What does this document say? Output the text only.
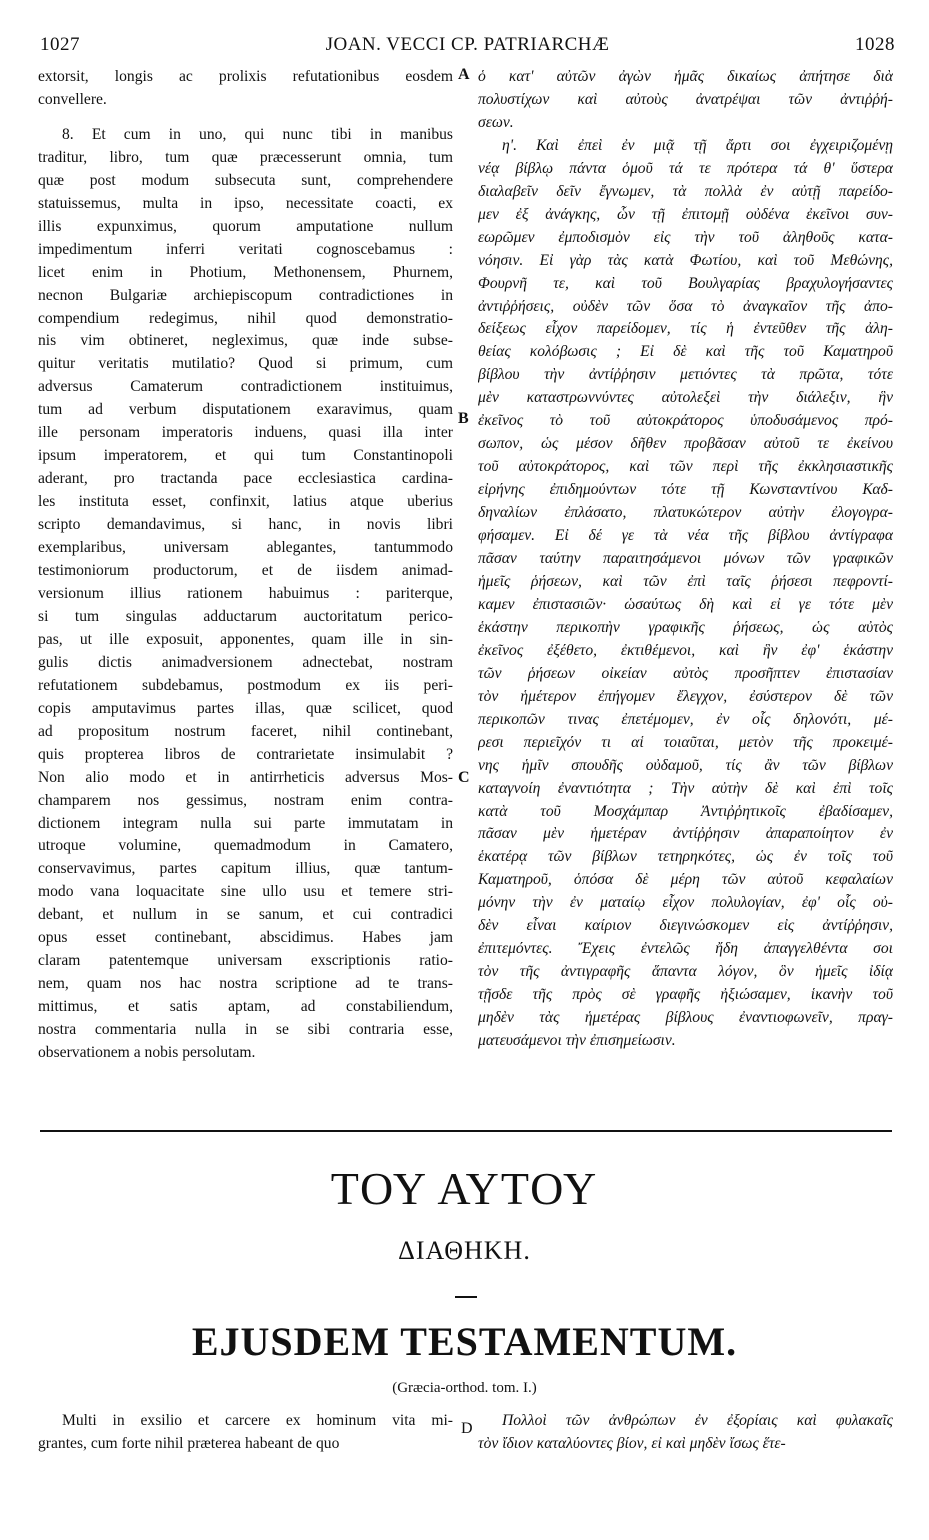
1027	JOAN. VECCI CP. PATRIARCHÆ	1028
extorsit, longis ac prolixis refutationibus eosdem
convellere.
8. Et cum in uno, qui nunc tibi in manibus
traditur, libro, tum quæ præcesserunt omnia, tum
quæ post modum subsecuta sunt, comprehendere
statuissemus, multa in ipso, necessitate coacti, ex
illis expunximus, quorum amputatione nullum
impedimentum inferri veritati cognoscebamus :
licet enim in Photium, Methonensem, Phurnem,
necnon Bulgariæ archiepiscopum contradictiones in
compendium redegimus, nihil quod demonstratio-
nis vim obtineret, negleximus, quæ inde subse-
quitur veritatis mutilatio? Quod si primum, cum
adversus Camaterum contradictionem instituimus,
tum ad verbum disputationem exaravimus, quam
ille personam imperatoris induens, quasi illa inter
ipsum imperatorem, et qui tum Constantinopoli
aderant, pro tractanda pace ecclesiastica cardina-
les instituta esset, confinxit, latius atque uberius
scripto demandavimus, si hanc, in novis libri
exemplaribus, universam ablegantes, tantummodo
testimoniorum productorum, et de iisdem animad-
versionum illius rationem habuimus : pariterque,
si tum singulas adductarum auctoritatum perico-
pas, ut ille exposuit, apponentes, quam ille in sin-
gulis dictis animadversionem adnectebat, nostram
refutationem subdebamus, postmodum ex iis peri-
copis amputavimus partes illas, quæ scilicet, quod
ad propositum nostrum faceret, nihil continebant,
quis propterea libros de contrarietate insimulabit ?
Non alio modo et in antirrheticis adversus Mos-
champarem nos gessimus, nostram enim contra-
dictionem integram nulla sui parte immutatam in
utroque volumine, quemadmodum in Camatero,
conservavimus, partes capitum illius, quæ tantum-
modo vana loquacitate sine ullo usu et temere stri-
debant, et nullum in se sanum, et cui contradici
opus esset continebant, abscidimus. Habes jam
claram patentemque universam exscriptionis ratio-
nem, quam nos hac nostra scriptione ad te trans-
mittimus, et satis aptam, ad constabiliendum,
nostra commentaria nulla in se sibi contraria esse,
observationem a nobis persolutam.
ὁ κατ' αὐτῶν ἀγὼν ἡμᾶς δικαίως ἀπήτησε διὰ
πολυστίχων καὶ αὐτοὺς ἀνατρέψαι τῶν ἀντιῤῥή-
σεων.
η'. Καὶ ἐπεὶ ἐν μιᾷ τῇ ἄρτι σοι ἐγχειριζομένῃ
νέᾳ βίβλῳ πάντα ὁμοῦ τά τε πρότερα τά θ' ὕστερα
διαλαβεῖν δεῖν ἔγνωμεν, τὰ πολλὰ ἐν αὐτῇ παρείδο-
μεν ἐξ ἀνάγκης, ὧν τῇ ἐπιτομῇ οὐδένα ἐκεῖνοι συν-
εωρῶμεν ἐμποδισμὸν εἰς τὴν τοῦ ἀληθοῦς κατα-
νόησιν. Εἰ γὰρ τὰς κατὰ Φωτίου, καὶ τοῦ Μεθώνης,
Φουρνῆ τε, καὶ τοῦ Βουλγαρίας βραχυλογήσαντες
ἀντιῤῥήσεις, οὐδὲν τῶν ὅσα τὸ ἀναγκαῖον τῆς ἀπο-
δείξεως εἶχον παρείδομεν, τίς ἡ ἐντεῦθεν τῆς ἀλη-
θείας κολόβωσις ; Εἰ δὲ καὶ τῆς τοῦ Καματηροῦ
βίβλου τὴν ἀντίῤῥησιν μετιόντες τὰ πρῶτα, τότε
μὲν καταστρωννύντες αὐτολεξεὶ τὴν διάλεξιν, ἣν
ἐκεῖνος τὸ τοῦ αὐτοκράτορος ὑποδυσάμενος πρό-
σωπον, ὡς μέσον δῆθεν προβᾶσαν αὐτοῦ τε ἐκείνου
τοῦ αὐτοκράτορος, καὶ τῶν περὶ τῆς ἐκκλησιαστικῆς
εἰρήνης ἐπιδημούντων τότε τῇ Κωνσταντίνου Καδ-
δηναλίων ἐπλάσατο, πλατυκώτερον αὐτὴν ἐλογογρα-
φήσαμεν. Εἰ δέ γε τὰ νέα τῆς βίβλου ἀντίγραφα
πᾶσαν ταύτην παραιτησάμενοι μόνων τῶν γραφικῶν
ἡμεῖς ῥήσεων, καὶ τῶν ἐπὶ ταῖς ῥήσεσι πεφροντί-
καμεν ἐπιστασιῶν· ὡσαύτως δὴ καὶ εἰ γε τότε μὲν
ἑκάστην περικοπὴν γραφικῆς ῥήσεως, ὡς αὐτὸς
ἐκεῖνος ἐξέθετο, ἐκτιθέμενοι, καὶ ἣν ἐφ' ἑκάστην
τῶν ῥήσεων οἰκείαν αὐτὸς προσῆπτεν ἐπιστασίαν
τὸν ἡμέτερον ἐπήγομεν ἔλεγχον, ἐσύστερον δὲ τῶν
περικοπῶν τινας ἐπετέμομεν, ἐν οἷς δηλονότι, μέ-
ρεσι περιεῖχόν τι αἱ τοιαῦται, μετὸν τῆς προκειμέ-
νης ἡμῖν σπουδῆς οὐδαμοῦ, τίς ἂν τῶν βίβλων
καταγνοίη ἐναντιότητα ; Τὴν αὐτὴν δὲ καὶ ἐπὶ τοῖς
κατὰ τοῦ Μοσχάμπαρ Ἀντιῤῥητικοῖς ἐβαδίσαμεν,
πᾶσαν μὲν ἡμετέραν ἀντίῤῥησιν ἀπαραποίητον ἐν
ἑκατέρᾳ τῶν βίβλων τετηρηκότες, ὡς ἐν τοῖς τοῦ
Καματηροῦ, ὁπόσα δὲ μέρη τῶν αὐτοῦ κεφαλαίων
μόνην τὴν ἐν ματαίῳ εἶχον πολυλογίαν, ἐφ' οἷς οὐ-
δὲν εἶναι καίριον διεγινώσκομεν εἰς ἀντίῤῥησιν,
ἐπιτεμόντες. Ἔχεις ἐντελῶς ἤδη ἀπαγγελθέντα σοι
τὸν τῆς ἀντιγραφῆς ἅπαντα λόγον, ὃν ἡμεῖς ἰδίᾳ
τῇσδε τῆς πρὸς σὲ γραφῆς ἠξιώσαμεν, ἱκανὴν τοῦ
μηδὲν τὰς ἡμετέρας βίβλους ἐναντιοφωνεῖν, πραγ-
ματευσάμενοι τὴν ἐπισημείωσιν.
A
B
C
D
ΤΟΥ ΑΥΤΟΥ
ΔΙΑΘΗΚΗ.
EJUSDEM TESTAMENTUM.
(Græcia-orthod. tom. I.)
Multi in exsilio et carcere ex hominum vita mi-
grantes, cum forte nihil præterea habeant de quo
Πολλοὶ τῶν ἀνθρώπων ἐν ἐξορίαις καὶ φυλακαῖς
τὸν ἴδιον καταλύοντες βίον, εἰ καὶ μηδὲν ἴσως ἕτε-
